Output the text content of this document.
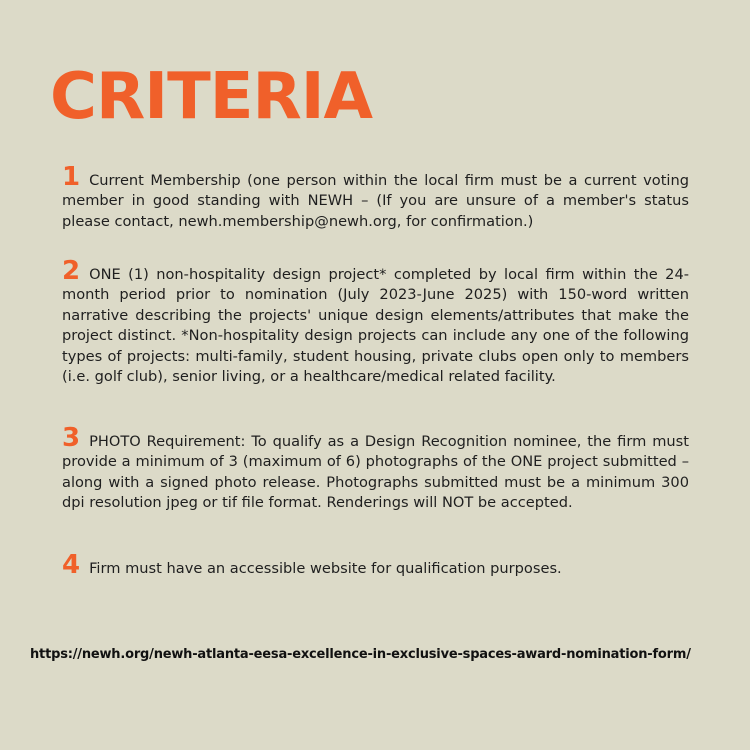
CRITERIA

1 Current Membership (one person within the local firm must be a current voting member in good standing with NEWH – (If you are unsure of a member's status please contact, newh.membership@newh.org, for confirmation.)

2 ONE (1) non-hospitality design project* completed by local firm within the 24-month period prior to nomination (July 2023-June 2025) with 150-word written narrative describing the projects' unique design elements/attributes that make the project distinct. *Non-hospitality design projects can include any one of the following types of projects: multi-family, student housing, private clubs open only to members (i.e. golf club), senior living, or a healthcare/medical related facility.

3 PHOTO Requirement: To qualify as a Design Recognition nominee, the firm must provide a minimum of 3 (maximum of 6) photographs of the ONE project submitted – along with a signed photo release. Photographs submitted must be a minimum 300 dpi resolution jpeg or tif file format. Renderings will NOT be accepted.

4 Firm must have an accessible website for qualification purposes.

https://newh.org/newh-atlanta-eesa-excellence-in-exclusive-spaces-award-nomination-form/
